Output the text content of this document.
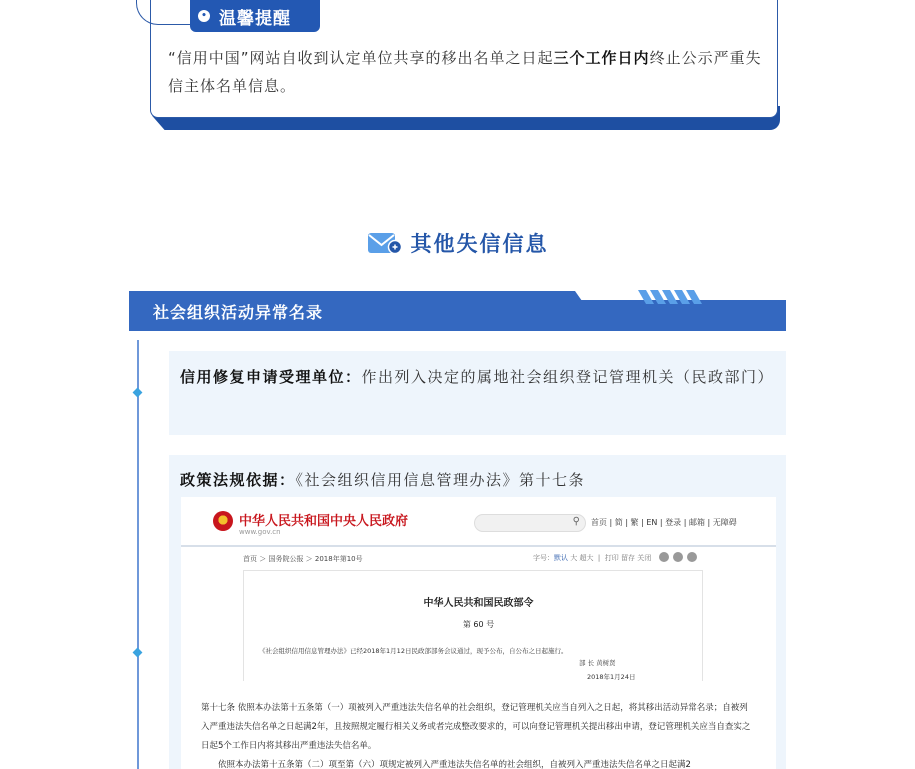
• 温馨提醒
“信用中国”网站自收到认定单位共享的移出名单之日起三个工作日内终止公示严重失信主体名单信息。
其他失信信息
社会组织活动异常名录
信用修复申请受理单位：作出列入决定的属地社会组织登记管理机关（民政部门）
政策法规依据：《社会组织信用信息管理办法》第十七条
中华人民共和国中央人民政府
www.gov.cn
⚲ 首页 | 简 | 繁 | EN | 登录 | 邮箱 | 无障碍
首页 ＞ 国务院公报 ＞ 2018年第10号	字号：默认 大 超大  |  打印 留存 关闭
中华人民共和国民政部令
第 60 号
《社会组织信用信息管理办法》已经2018年1月12日民政部部务会议通过，现予公布，自公布之日起施行。
部 长 黄树贤
2018年1月24日

第十七条 依照本办法第十五条第（一）项被列入严重违法失信名单的社会组织，登记管理机关应当自列入之日起，将其移出活动异常名录；自被列入严重违法失信名单之日起满2年，且按照规定履行相关义务或者完成整改要求的，可以向登记管理机关提出移出申请，登记管理机关应当自查实之日起5个工作日内将其移出严重违法失信名单。

依照本办法第十五条第（二）项至第（六）项规定被列入严重违法失信名单的社会组织，自被列入严重违法失信名单之日起满2
